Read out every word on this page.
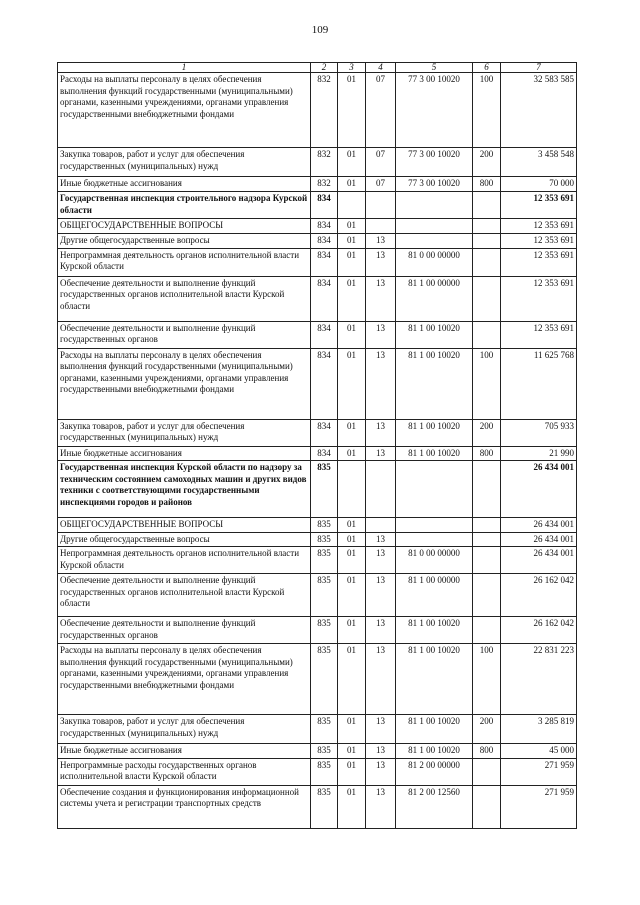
109
1	2	3	4	5	6	7
Расходы на выплаты персоналу в целях обеспечения выполнения функций государственными (муниципальными) органами, казенными учреждениями, органами управления государственными внебюджетными фондами	832	01	07	77 3 00 10020	100	32 583 585
Закупка товаров, работ и услуг для обеспечения государственных (муниципальных) нужд	832	01	07	77 3 00 10020	200	3 458 548
Иные бюджетные ассигнования	832	01	07	77 3 00 10020	800	70 000
Государственная инспекция строительного надзора Курской области	834					12 353 691
ОБЩЕГОСУДАРСТВЕННЫЕ ВОПРОСЫ	834	01				12 353 691
Другие общегосударственные вопросы	834	01	13			12 353 691
Непрограммная деятельность органов исполнительной власти Курской области	834	01	13	81 0 00 00000		12 353 691
Обеспечение деятельности и выполнение функций государственных органов исполнительной власти Курской области	834	01	13	81 1 00 00000		12 353 691
Обеспечение деятельности и выполнение функций государственных органов	834	01	13	81 1 00 10020		12 353 691
Расходы на выплаты персоналу в целях обеспечения выполнения функций государственными (муниципальными) органами, казенными учреждениями, органами управления государственными внебюджетными фондами	834	01	13	81 1 00 10020	100	11 625 768
Закупка товаров, работ и услуг для обеспечения государственных (муниципальных) нужд	834	01	13	81 1 00 10020	200	705 933
Иные бюджетные ассигнования	834	01	13	81 1 00 10020	800	21 990
Государственная инспекция Курской области по надзору за техническим состоянием самоходных машин и других видов техники с соответствующими государственными инспекциями городов и районов	835					26 434 001
ОБЩЕГОСУДАРСТВЕННЫЕ ВОПРОСЫ	835	01				26 434 001
Другие общегосударственные вопросы	835	01	13			26 434 001
Непрограммная деятельность органов исполнительной власти Курской области	835	01	13	81 0 00 00000		26 434 001
Обеспечение деятельности и выполнение функций государственных органов исполнительной власти Курской области	835	01	13	81 1 00 00000		26 162 042
Обеспечение деятельности и выполнение функций государственных органов	835	01	13	81 1 00 10020		26 162 042
Расходы на выплаты персоналу в целях обеспечения выполнения функций государственными (муниципальными) органами, казенными учреждениями, органами управления государственными внебюджетными фондами	835	01	13	81 1 00 10020	100	22 831 223
Закупка товаров, работ и услуг для обеспечения государственных (муниципальных) нужд	835	01	13	81 1 00 10020	200	3 285 819
Иные бюджетные ассигнования	835	01	13	81 1 00 10020	800	45 000
Непрограммные расходы государственных органов исполнительной власти Курской области	835	01	13	81 2 00 00000		271 959
Обеспечение создания и функционирования информационной системы учета и регистрации транспортных средств	835	01	13	81 2 00 12560		271 959
